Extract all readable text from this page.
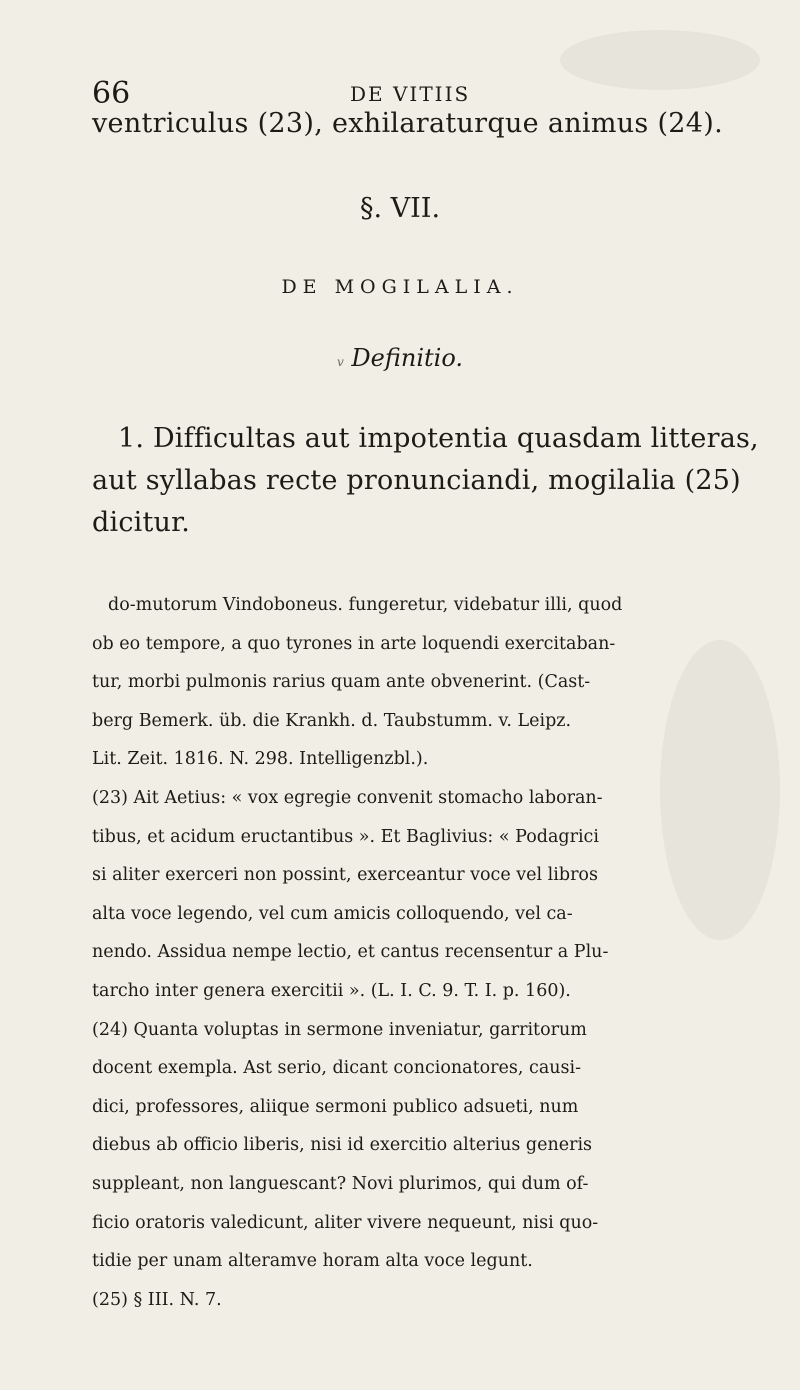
66	DE VITIIS
ventriculus (23), exhilaraturque animus (24).
§. VII.
DE MOGILALIA.
v Definitio.
1. Difficultas aut impotentia quasdam litteras,
aut syllabas recte pronunciandi, mogilalia (25)
dicitur.
do-mutorum Vindoboneus. fungeretur, videbatur illi, quod
ob eo tempore, a quo tyrones in arte loquendi exercitaban-
tur, morbi pulmonis rarius quam ante obvenerint. (Cast-
berg Bemerk. üb. die Krankh. d. Taubstumm. v. Leipz.
Lit. Zeit. 1816. N. 298. Intelligenzbl.).
(23) Ait Aetius: « vox egregie convenit stomacho laboran-
tibus, et acidum eructantibus ». Et Baglivius: « Podagrici
si aliter exerceri non possint, exerceantur voce vel libros
alta voce legendo, vel cum amicis colloquendo, vel ca-
nendo. Assidua nempe lectio, et cantus recensentur a Plu-
tarcho inter genera exercitii ». (L. I. C. 9. T. I. p. 160).
(24) Quanta voluptas in sermone inveniatur, garritorum
docent exempla. Ast serio, dicant concionatores, causi-
dici, professores, aliique sermoni publico adsueti, num
diebus ab officio liberis, nisi id exercitio alterius generis
suppleant, non languescant? Novi plurimos, qui dum of-
ficio oratoris valedicunt, aliter vivere nequeunt, nisi quo-
tidie per unam alteramve horam alta voce legunt.
(25) § III. N. 7.
